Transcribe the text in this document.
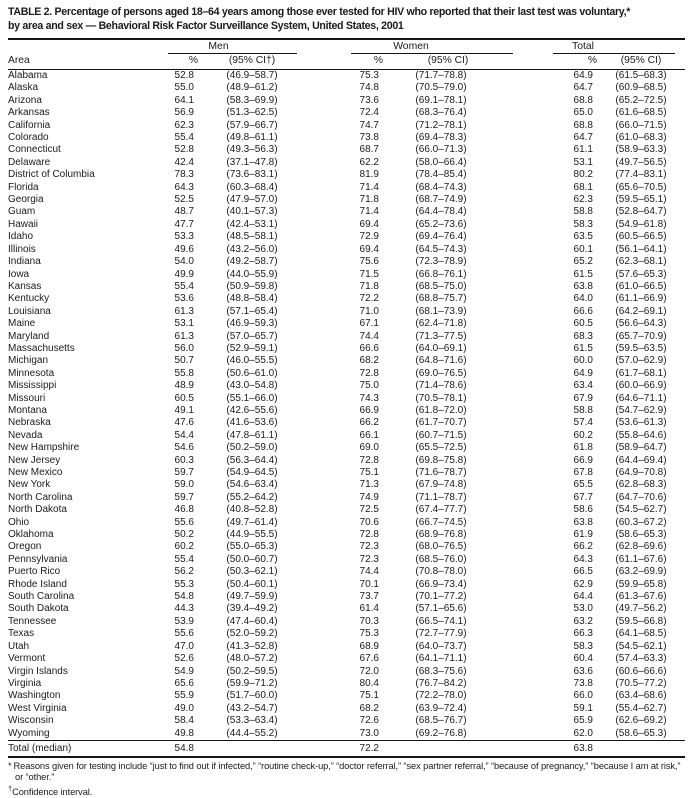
TABLE 2. Percentage of persons aged 18–64 years among those ever tested for HIV who reported that their last test was voluntary,*
by area and sex — Behavioral Risk Factor Surveillance System, United States, 2001

	Men		Women		Total	

Area	%	(95% CI†)	%	(95% CI)	%	(95% CI)
Alabama	52.8	(46.9–58.7)	75.3	(71.7–78.8)	64.9	(61.5–68.3)
Alaska	55.0	(48.9–61.2)	74.8	(70.5–79.0)	64.7	(60.9–68.5)
Arizona	64.1	(58.3–69.9)	73.6	(69.1–78.1)	68.8	(65.2–72.5)
Arkansas	56.9	(51.3–62.5)	72.4	(68.3–76.4)	65.0	(61.6–68.5)
California	62.3	(57.9–66.7)	74.7	(71.2–78.1)	68.8	(66.0–71.5)
Colorado	55.4	(49.8–61.1)	73.8	(69.4–78.3)	64.7	(61.0–68.3)
Connecticut	52.8	(49.3–56.3)	68.7	(66.0–71.3)	61.1	(58.9–63.3)
Delaware	42.4	(37.1–47.8)	62.2	(58.0–66.4)	53.1	(49.7–56.5)
District of Columbia	78.3	(73.6–83.1)	81.9	(78.4–85.4)	80.2	(77.4–83.1)
Florida	64.3	(60.3–68.4)	71.4	(68.4–74.3)	68.1	(65.6–70.5)
Georgia	52.5	(47.9–57.0)	71.8	(68.7–74.9)	62.3	(59.5–65.1)
Guam	48.7	(40.1–57.3)	71.4	(64.4–78.4)	58.8	(52.8–64.7)
Hawaii	47.7	(42.4–53.1)	69.4	(65.2–73.6)	58.3	(54.9–61.8)
Idaho	53.3	(48.5–58.1)	72.9	(69.4–76.4)	63.5	(60.5–66.5)
Illinois	49.6	(43.2–56.0)	69.4	(64.5–74.3)	60.1	(56.1–64.1)
Indiana	54.0	(49.2–58.7)	75.6	(72.3–78.9)	65.2	(62.3–68.1)
Iowa	49.9	(44.0–55.9)	71.5	(66.8–76.1)	61.5	(57.6–65.3)
Kansas	55.4	(50.9–59.8)	71.8	(68.5–75.0)	63.8	(61.0–66.5)
Kentucky	53.6	(48.8–58.4)	72.2	(68.8–75.7)	64.0	(61.1–66.9)
Louisiana	61.3	(57.1–65.4)	71.0	(68.1–73.9)	66.6	(64.2–69.1)
Maine	53.1	(46.9–59.3)	67.1	(62.4–71.8)	60.5	(56.6–64.3)
Maryland	61.3	(57.0–65.7)	74.4	(71.3–77.5)	68.3	(65.7–70.9)
Massachusetts	56.0	(52.9–59.1)	66.6	(64.0–69.1)	61.5	(59.5–63.5)
Michigan	50.7	(46.0–55.5)	68.2	(64.8–71.6)	60.0	(57.0–62.9)
Minnesota	55.8	(50.6–61.0)	72.8	(69.0–76.5)	64.9	(61.7–68.1)
Mississippi	48.9	(43.0–54.8)	75.0	(71.4–78.6)	63.4	(60.0–66.9)
Missouri	60.5	(55.1–66.0)	74.3	(70.5–78.1)	67.9	(64.6–71.1)
Montana	49.1	(42.6–55.6)	66.9	(61.8–72.0)	58.8	(54.7–62.9)
Nebraska	47.6	(41.6–53.6)	66.2	(61.7–70.7)	57.4	(53.6–61.3)
Nevada	54.4	(47.8–61.1)	66.1	(60.7–71.5)	60.2	(55.8–64.6)
New Hampshire	54.6	(50.2–59.0)	69.0	(65.5–72.5)	61.8	(58.9–64.7)
New Jersey	60.3	(56.3–64.4)	72.8	(69.8–75.8)	66.9	(64.4–69.4)
New Mexico	59.7	(54.9–64.5)	75.1	(71.6–78.7)	67.8	(64.9–70.8)
New York	59.0	(54.6–63.4)	71.3	(67.9–74.8)	65.5	(62.8–68.3)
North Carolina	59.7	(55.2–64.2)	74.9	(71.1–78.7)	67.7	(64.7–70.6)
North Dakota	46.8	(40.8–52.8)	72.5	(67.4–77.7)	58.6	(54.5–62.7)
Ohio	55.6	(49.7–61.4)	70.6	(66.7–74.5)	63.8	(60.3–67.2)
Oklahoma	50.2	(44.9–55.5)	72.8	(68.9–76.8)	61.9	(58.6–65.3)
Oregon	60.2	(55.0–65.3)	72.3	(68.0–76.5)	66.2	(62.8–69.6)
Pennsylvania	55.4	(50.0–60.7)	72.3	(68.5–76.0)	64.3	(61.1–67.6)
Puerto Rico	56.2	(50.3–62.1)	74.4	(70.8–78.0)	66.5	(63.2–69.9)
Rhode Island	55.3	(50.4–60.1)	70.1	(66.9–73.4)	62.9	(59.9–65.8)
South Carolina	54.8	(49.7–59.9)	73.7	(70.1–77.2)	64.4	(61.3–67.6)
South Dakota	44.3	(39.4–49.2)	61.4	(57.1–65.6)	53.0	(49.7–56.2)
Tennessee	53.9	(47.4–60.4)	70.3	(66.5–74.1)	63.2	(59.5–66.8)
Texas	55.6	(52.0–59.2)	75.3	(72.7–77.9)	66.3	(64.1–68.5)
Utah	47.0	(41.3–52.8)	68.9	(64.0–73.7)	58.3	(54.5–62.1)
Vermont	52.6	(48.0–57.2)	67.6	(64.1–71.1)	60.4	(57.4–63.3)
Virgin Islands	54.9	(50.2–59.5)	72.0	(68.3–75.6)	63.6	(60.6–66.6)
Virginia	65.6	(59.9–71.2)	80.4	(76.7–84.2)	73.8	(70.5–77.2)
Washington	55.9	(51.7–60.0)	75.1	(72.2–78.0)	66.0	(63.4–68.6)
West Virginia	49.0	(43.2–54.7)	68.2	(63.9–72.4)	59.1	(55.4–62.7)
Wisconsin	58.4	(53.3–63.4)	72.6	(68.5–76.7)	65.9	(62.6–69.2)
Wyoming	49.8	(44.4–55.2)	73.0	(69.2–76.8)	62.0	(58.6–65.3)
Total (median)	54.8		72.2		63.8	
* Reasons given for testing include “just to find out if infected,” “routine check-up,” “doctor referral,” “sex partner referral,” “because of pregnancy,” “because I am at risk,” or “other.”
†Confidence interval.
